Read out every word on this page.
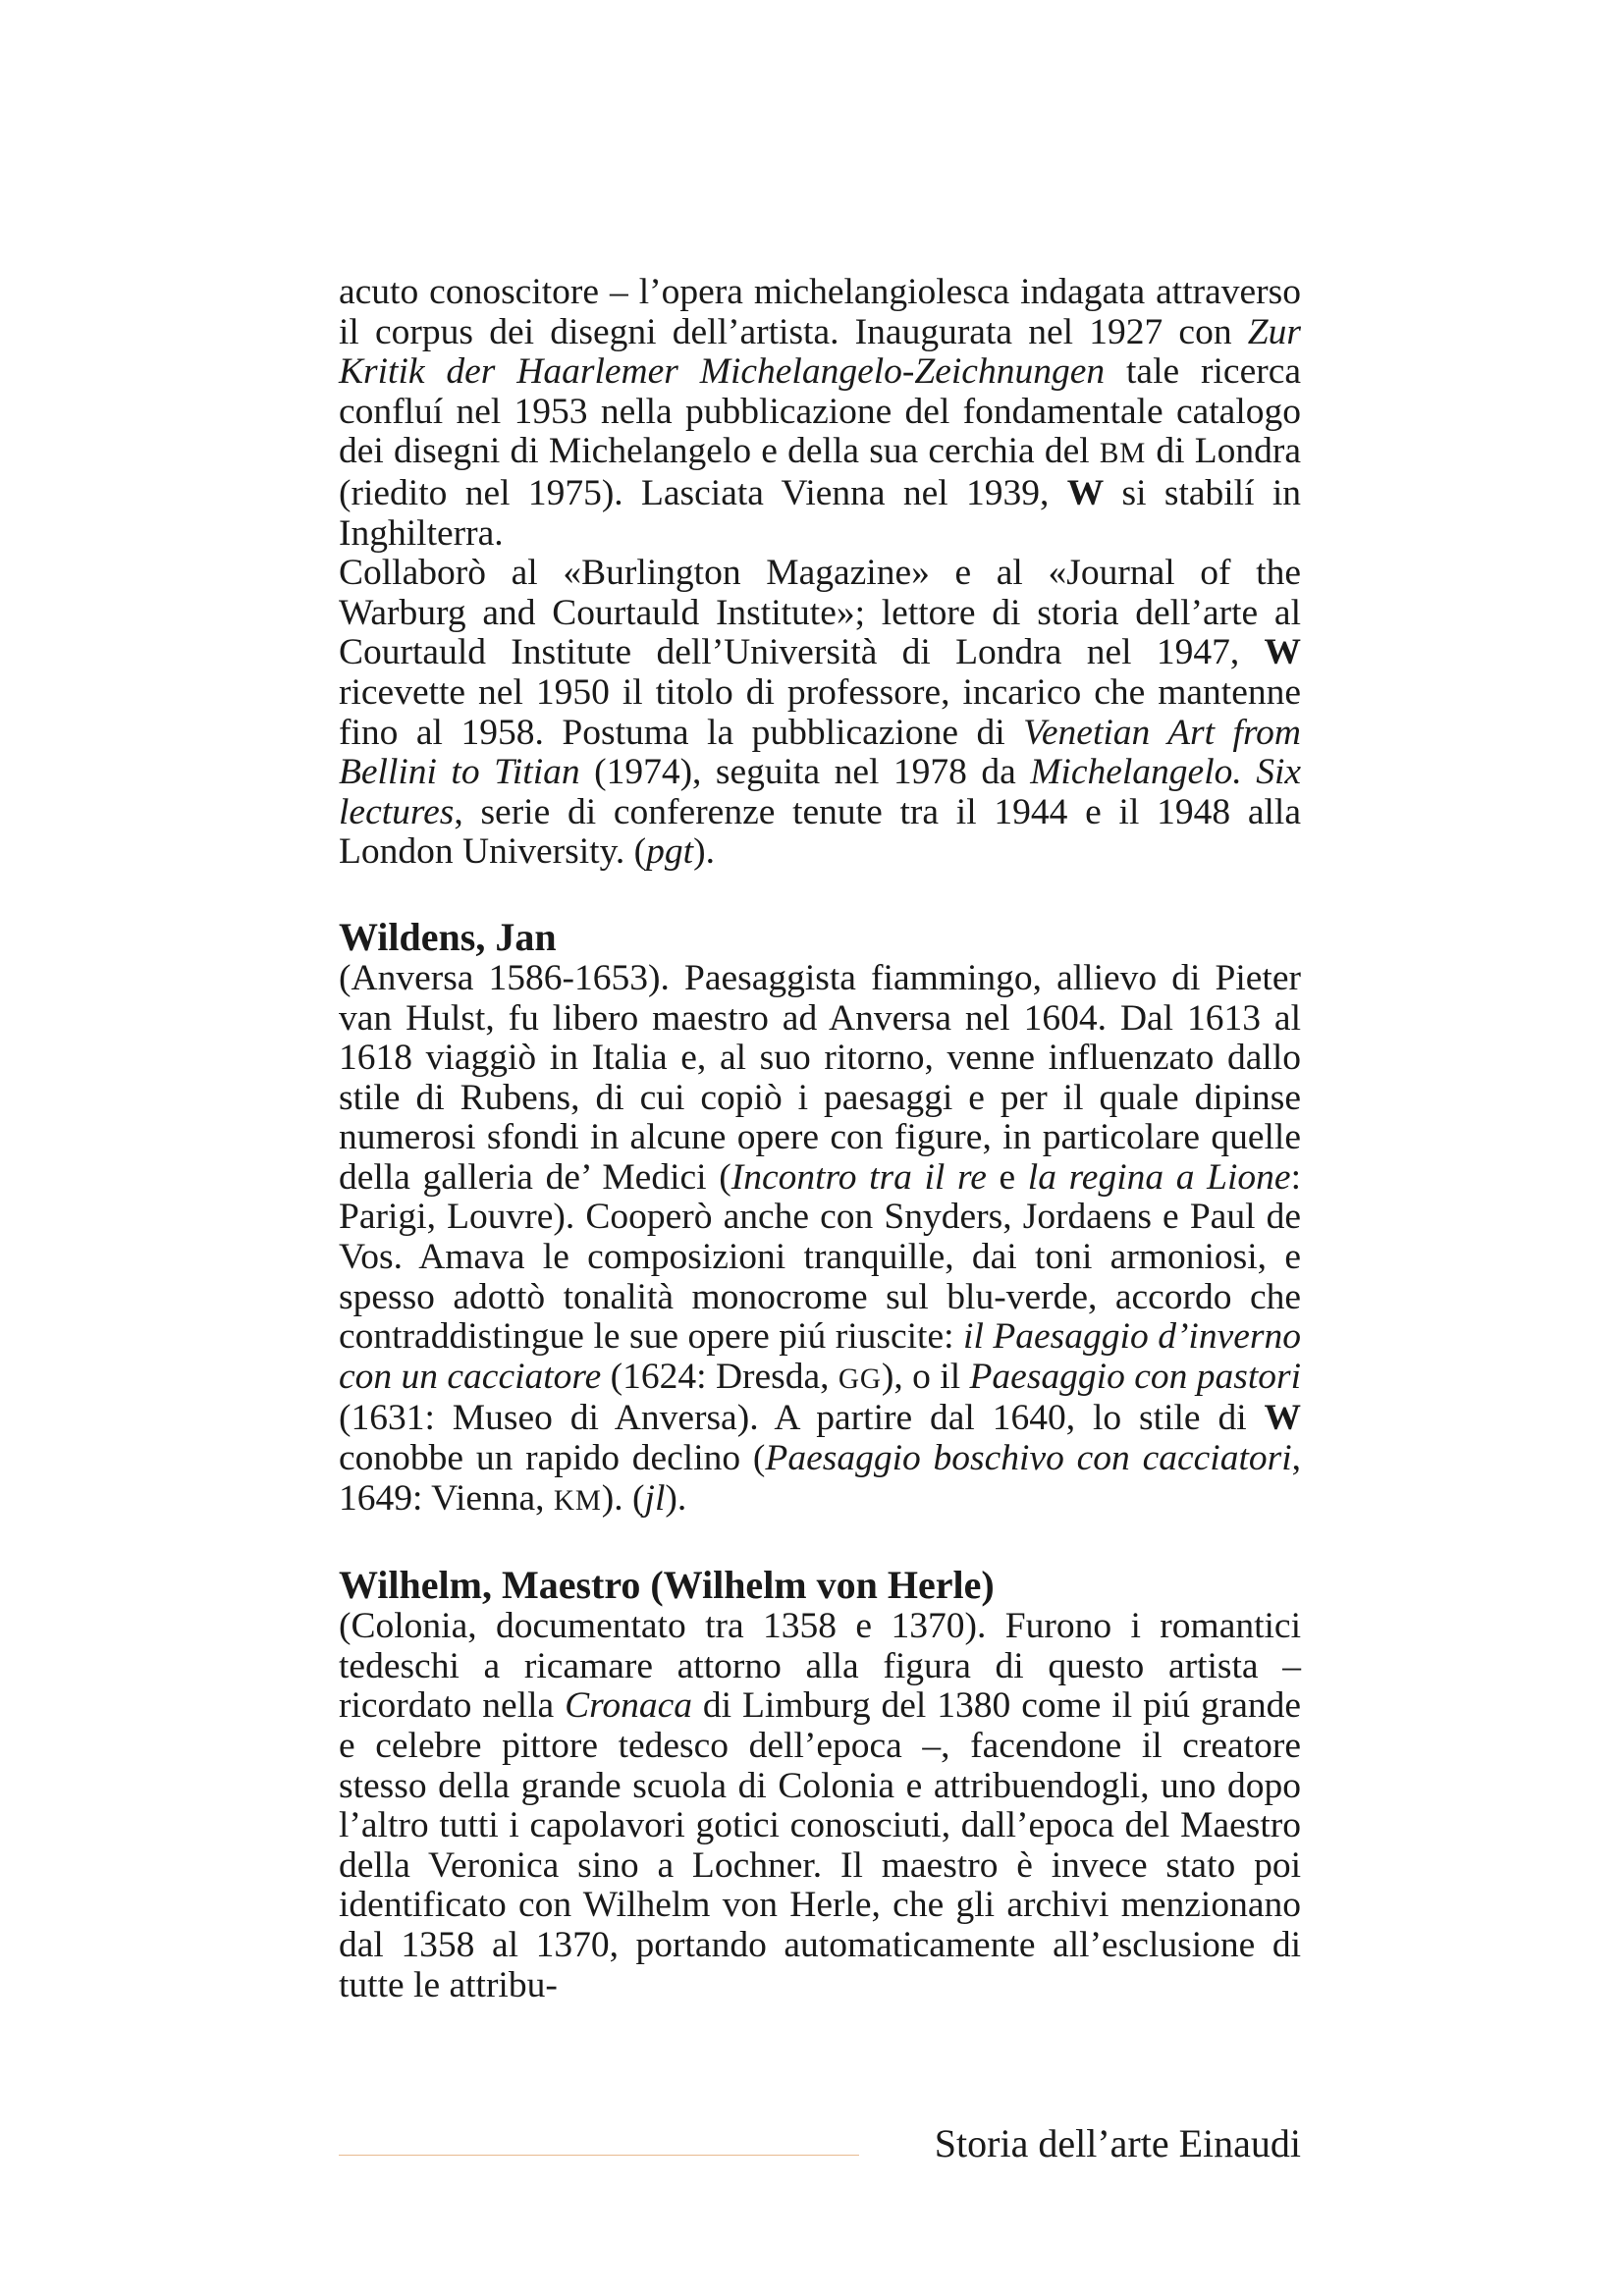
acuto conoscitore – l’opera michelangiolesca indagata attraverso il corpus dei disegni dell’artista. Inaugurata nel 1927 con Zur Kritik der Haarlemer Michelangelo-Zeichnungen tale ricerca confluí nel 1953 nella pubblicazione del fondamentale catalogo dei disegni di Michelangelo e della sua cerchia del BM di Londra (riedito nel 1975). Lasciata Vienna nel 1939, W si stabilí in Inghilterra.

Collaborò al «Burlington Magazine» e al «Journal of the Warburg and Courtauld Institute»; lettore di storia dell’arte al Courtauld Institute dell’Università di Londra nel 1947, W ricevette nel 1950 il titolo di professore, incarico che mantenne fino al 1958. Postuma la pubblicazione di Venetian Art from Bellini to Titian (1974), seguita nel 1978 da Michelangelo. Six lectures, serie di conferenze tenute tra il 1944 e il 1948 alla London University. (pgt).

Wildens, Jan

(Anversa 1586-1653). Paesaggista fiammingo, allievo di Pieter van Hulst, fu libero maestro ad Anversa nel 1604. Dal 1613 al 1618 viaggiò in Italia e, al suo ritorno, venne influenzato dallo stile di Rubens, di cui copiò i paesaggi e per il quale dipinse numerosi sfondi in alcune opere con figure, in particolare quelle della galleria de’ Medici (Incontro tra il re e la regina a Lione: Parigi, Louvre). Cooperò anche con Snyders, Jordaens e Paul de Vos. Amava le composizioni tranquille, dai toni armoniosi, e spesso adottò tonalità monocrome sul blu-verde, accordo che contraddistingue le sue opere piú riuscite: il Paesaggio d’inverno con un cacciatore (1624: Dresda, GG), o il Paesaggio con pastori (1631: Museo di Anversa). A partire dal 1640, lo stile di W conobbe un rapido declino (Paesaggio boschivo con cacciatori, 1649: Vienna, KM). (jl).

Wilhelm, Maestro (Wilhelm von Herle)

(Colonia, documentato tra 1358 e 1370). Furono i romantici tedeschi a ricamare attorno alla figura di questo artista – ricordato nella Cronaca di Limburg del 1380 come il piú grande e celebre pittore tedesco dell’epoca –, facendone il creatore stesso della grande scuola di Colonia e attribuendogli, uno dopo l’altro tutti i capolavori gotici conosciuti, dall’epoca del Maestro della Veronica sino a Lochner. Il maestro è invece stato poi identificato con Wilhelm von Herle, che gli archivi menzionano dal 1358 al 1370, portando automaticamente all’esclusione di tutte le attribu-

Storia dell’arte Einaudi
